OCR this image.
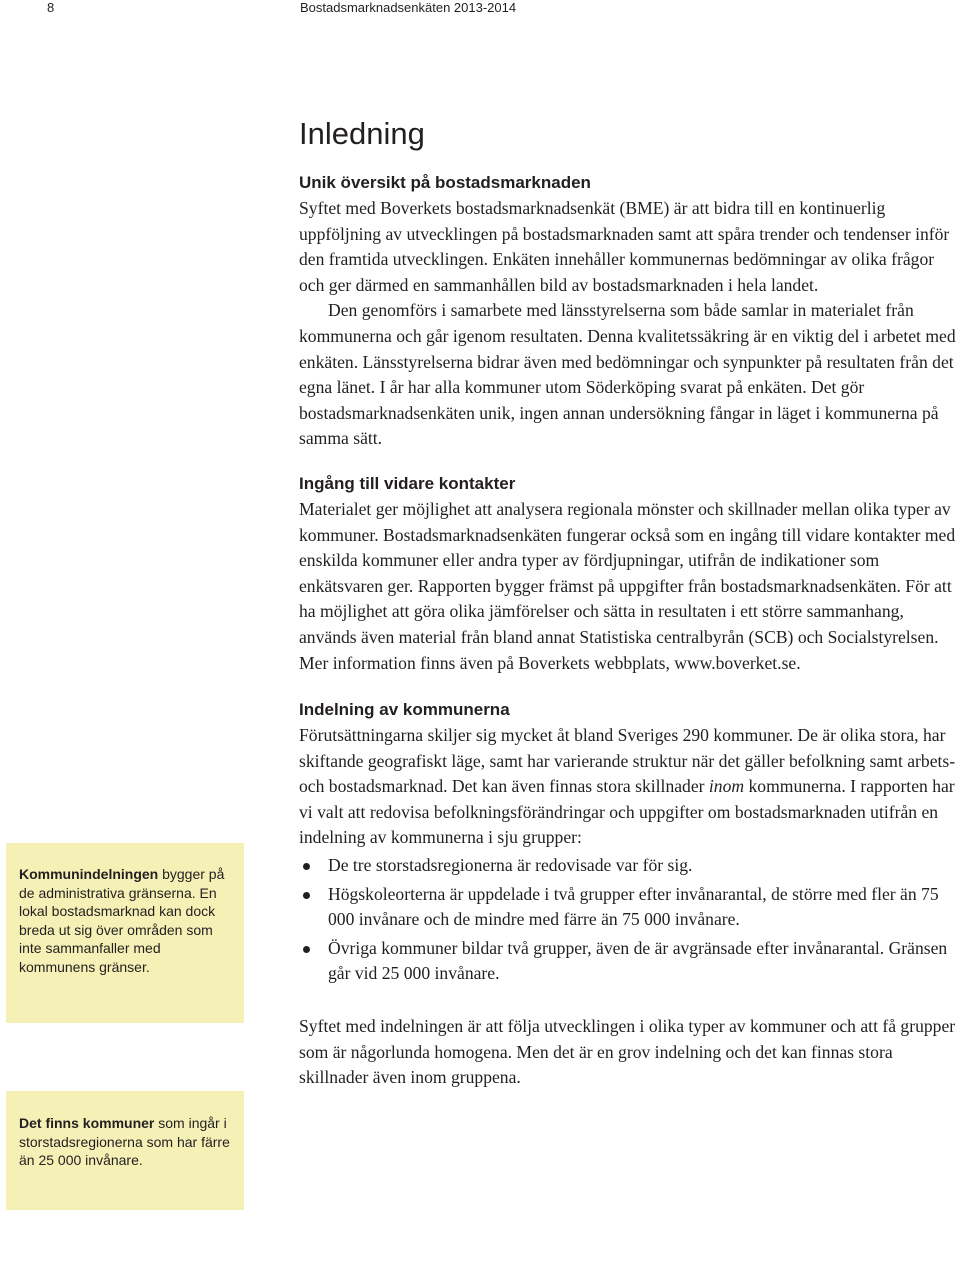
8	Bostadsmarknadsenkäten 2013-2014
Inledning
Unik översikt på bostadsmarknaden

Syftet med Boverkets bostadsmarknadsenkät (BME) är att bidra till en kontinuerlig uppföljning av utvecklingen på bostadsmarknaden samt att spåra trender och tendenser inför den framtida utvecklingen. Enkäten innehåller kommunernas bedömningar av olika frågor och ger därmed en sammanhållen bild av bostadsmarknaden i hela landet.

Den genomförs i samarbete med länsstyrelserna som både samlar in materialet från kommunerna och går igenom resultaten. Denna kvalitetssäkring är en viktig del i arbetet med enkäten. Länsstyrelserna bidrar även med bedömningar och synpunkter på resultaten från det egna länet. I år har alla kommuner utom Söderköping svarat på enkäten. Det gör bostadsmarknadsenkäten unik, ingen annan undersökning fångar in läget i kommunerna på samma sätt.

Ingång till vidare kontakter

Materialet ger möjlighet att analysera regionala mönster och skillnader mellan olika typer av kommuner. Bostadsmarknadsenkäten fungerar också som en ingång till vidare kontakter med enskilda kommuner eller andra typer av fördjupningar, utifrån de indikationer som enkätsvaren ger. Rapporten bygger främst på uppgifter från bostadsmarknadsenkäten. För att ha möjlighet att göra olika jämförelser och sätta in resultaten i ett större sammanhang, används även material från bland annat Statistiska centralbyrån (SCB) och Socialstyrelsen. Mer information finns även på Boverkets webbplats, www.boverket.se.

Indelning av kommunerna

Förutsättningarna skiljer sig mycket åt bland Sveriges 290 kommuner. De är olika stora, har skiftande geografiskt läge, samt har varierande struktur när det gäller befolkning samt arbets- och bostadsmarknad. Det kan även finnas stora skillnader inom kommunerna. I rapporten har vi valt att redovisa befolkningsförändringar och uppgifter om bostadsmarknaden utifrån en indelning av kommunerna i sju grupper:

De tre storstadsregionerna är redovisade var för sig.
Högskoleorterna är uppdelade i två grupper efter invånarantal, de större med fler än 75 000 invånare och de mindre med färre än 75 000 invånare.
Övriga kommuner bildar två grupper, även de är avgränsade efter invånarantal. Gränsen går vid 25 000 invånare.

Syftet med indelningen är att följa utvecklingen i olika typer av kommuner och att få grupper som är någorlunda homogena. Men det är en grov indelning och det kan finnas stora skillnader även inom gruppena.

Kommunindelningen bygger på de administrativa gränserna. En lokal bostadsmarknad kan dock breda ut sig över områden som inte sammanfaller med kommunens gränser.
Det finns kommuner som ingår i storstadsregionerna som har färre än 25 000 invånare.
